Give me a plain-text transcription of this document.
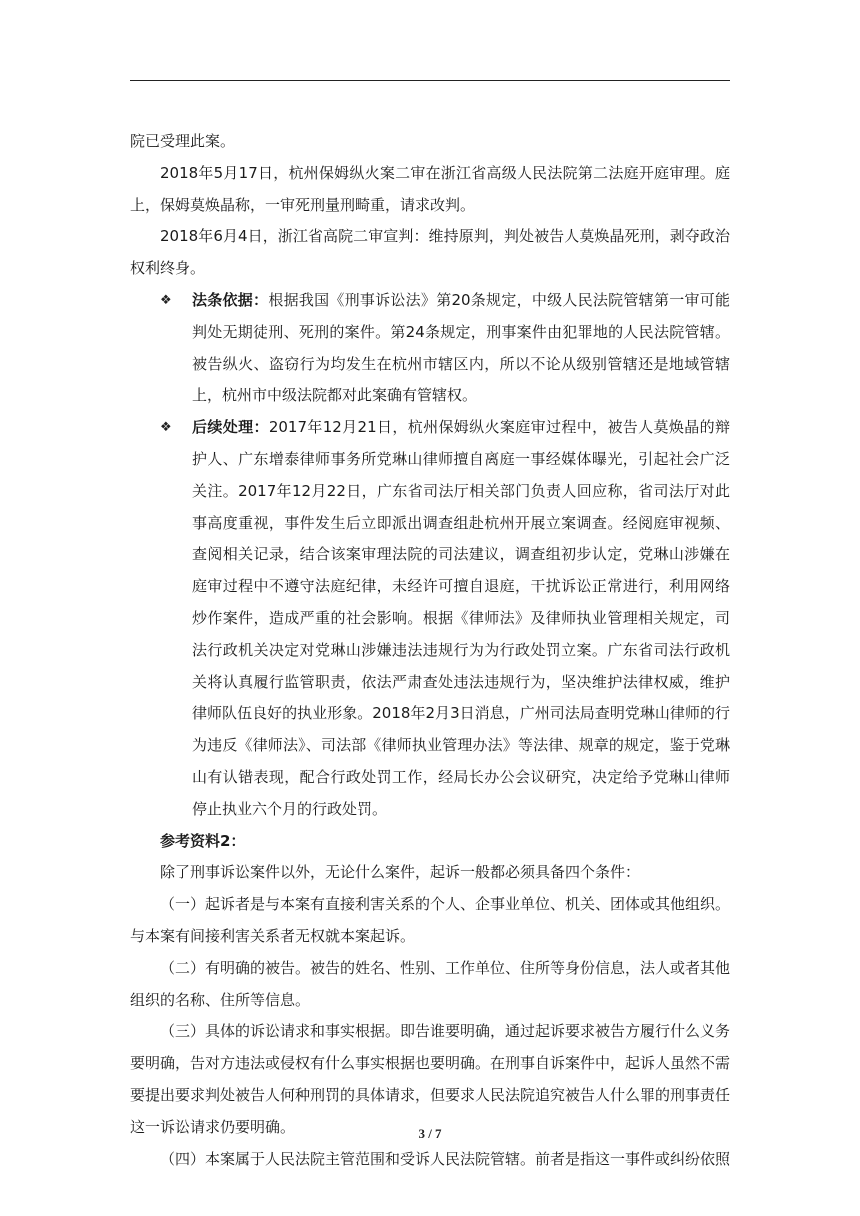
院已受理此案。

2018年5月17日，杭州保姆纵火案二审在浙江省高级人民法院第二法庭开庭审理。庭上，保姆莫焕晶称，一审死刑量刑畸重，请求改判。

2018年6月4日，浙江省高院二审宣判：维持原判，判处被告人莫焕晶死刑，剥夺政治权利终身。

❖ 法条依据：根据我国《刑事诉讼法》第20条规定，中级人民法院管辖第一审可能判处无期徒刑、死刑的案件。第24条规定，刑事案件由犯罪地的人民法院管辖。被告纵火、盗窃行为均发生在杭州市辖区内，所以不论从级别管辖还是地域管辖上，杭州市中级法院都对此案确有管辖权。

❖ 后续处理：2017年12月21日，杭州保姆纵火案庭审过程中，被告人莫焕晶的辩护人、广东增泰律师事务所党琳山律师擅自离庭一事经媒体曝光，引起社会广泛关注。2017年12月22日，广东省司法厅相关部门负责人回应称，省司法厅对此事高度重视，事件发生后立即派出调查组赴杭州开展立案调查。经阅庭审视频、查阅相关记录，结合该案审理法院的司法建议，调查组初步认定，党琳山涉嫌在庭审过程中不遵守法庭纪律，未经许可擅自退庭，干扰诉讼正常进行，利用网络炒作案件，造成严重的社会影响。根据《律师法》及律师执业管理相关规定，司法行政机关决定对党琳山涉嫌违法违规行为为行政处罚立案。广东省司法行政机关将认真履行监管职责，依法严肃查处违法违规行为，坚决维护法律权威，维护律师队伍良好的执业形象。2018年2月3日消息，广州司法局查明党琳山律师的行为违反《律师法》、司法部《律师执业管理办法》等法律、规章的规定，鉴于党琳山有认错表现，配合行政处罚工作，经局长办公会议研究，决定给予党琳山律师停止执业六个月的行政处罚。

参考资料2：

除了刑事诉讼案件以外，无论什么案件，起诉一般都必须具备四个条件：

（一）起诉者是与本案有直接利害关系的个人、企事业单位、机关、团体或其他组织。与本案有间接利害关系者无权就本案起诉。

（二）有明确的被告。被告的姓名、性别、工作单位、住所等身份信息，法人或者其他组织的名称、住所等信息。

（三）具体的诉讼请求和事实根据。即告谁要明确，通过起诉要求被告方履行什么义务要明确，告对方违法或侵权有什么事实根据也要明确。在刑事自诉案件中，起诉人虽然不需要提出要求判处被告人何种刑罚的具体请求，但要求人民法院追究被告人什么罪的刑事责任这一诉讼请求仍要明确。

（四）本案属于人民法院主管范围和受诉人民法院管辖。前者是指这一事件或纠纷依照

3 / 7
